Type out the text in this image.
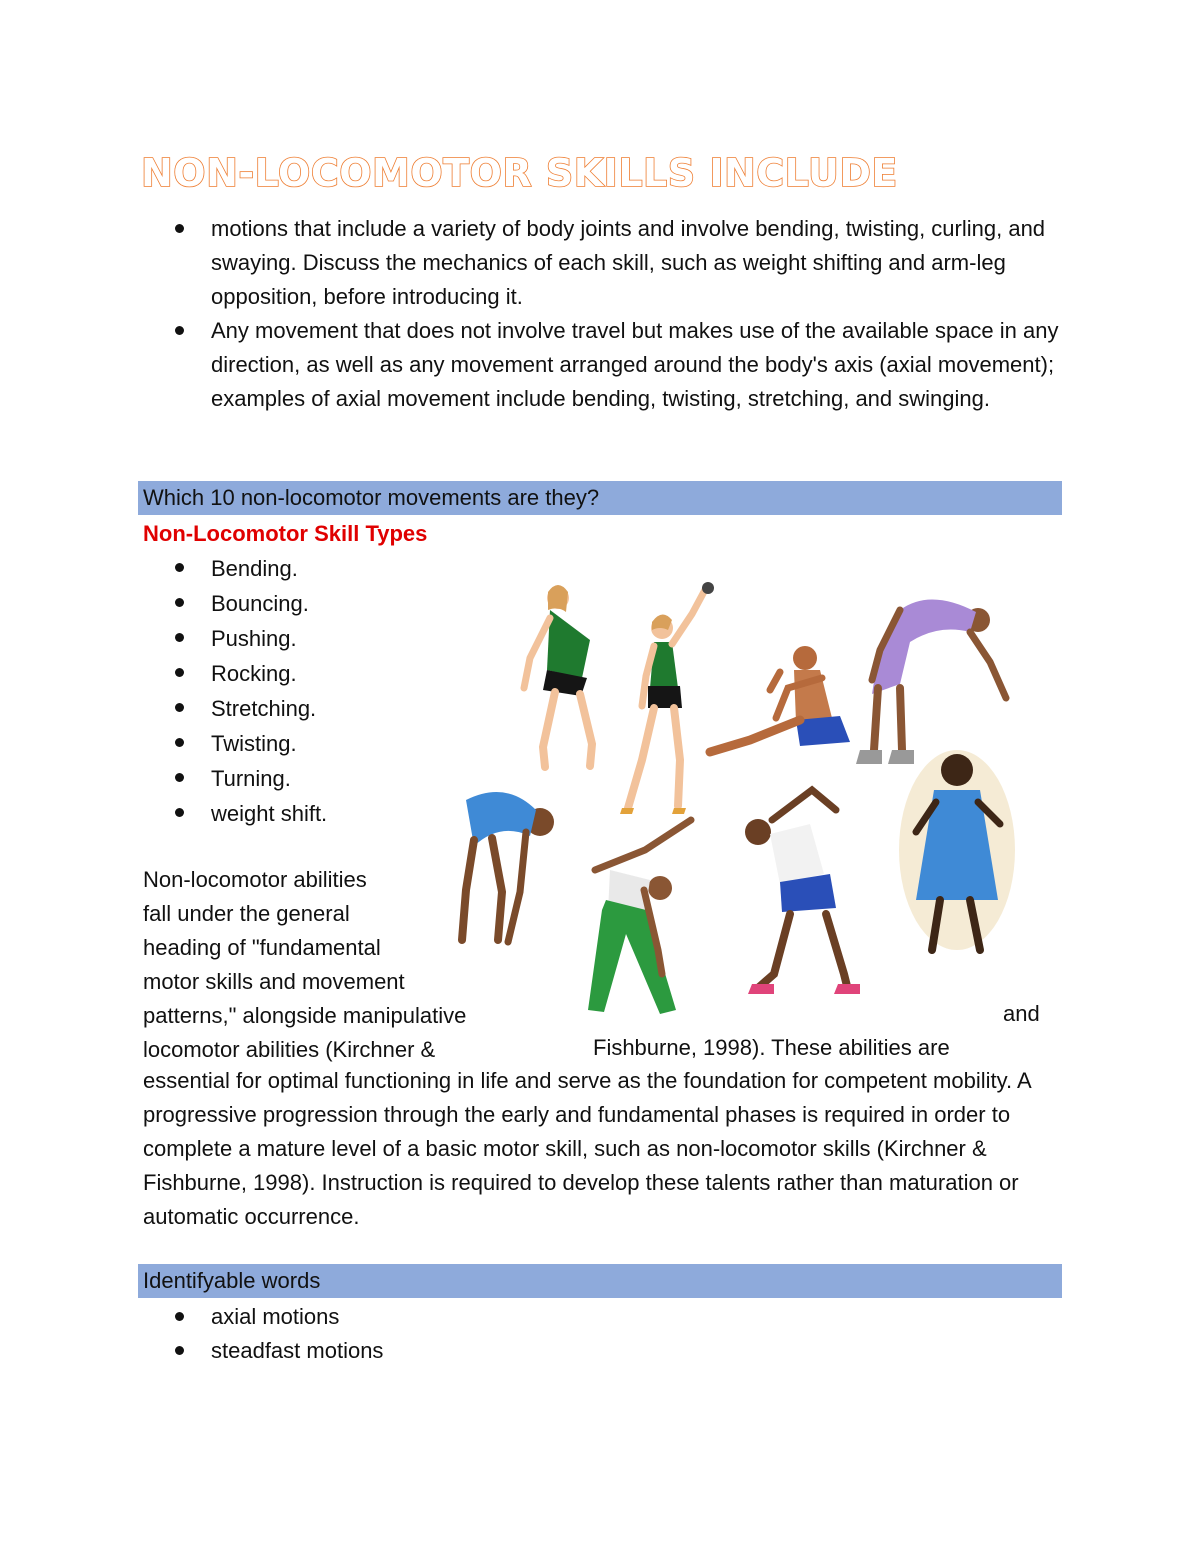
NON-LOCOMOTOR SKILLS INCLUDE
motions that include a variety of body joints and involve bending, twisting, curling, and swaying. Discuss the mechanics of each skill, such as weight shifting and arm-leg opposition, before introducing it.
Any movement that does not involve travel but makes use of the available space in any direction, as well as any movement arranged around the body's axis (axial movement); examples of axial movement include bending, twisting, stretching, and swinging.
Which 10 non-locomotor movements are they?
Non-Locomotor Skill Types
Bending.
Bouncing.
Pushing.
Rocking.
Stretching.
Twisting.
Turning.
weight shift.
Non-locomotor abilities
fall under the general
heading of "fundamental
motor skills and movement
patterns," alongside manipulative
locomotor abilities (Kirchner &
and
Fishburne, 1998). These abilities are
essential for optimal functioning in life and serve as the foundation for competent mobility. A progressive progression through the early and fundamental phases is required in order to complete a mature level of a basic motor skill, such as non-locomotor skills (Kirchner & Fishburne, 1998). Instruction is required to develop these talents rather than maturation or automatic occurrence.
Identifyable words
axial motions
steadfast motions
